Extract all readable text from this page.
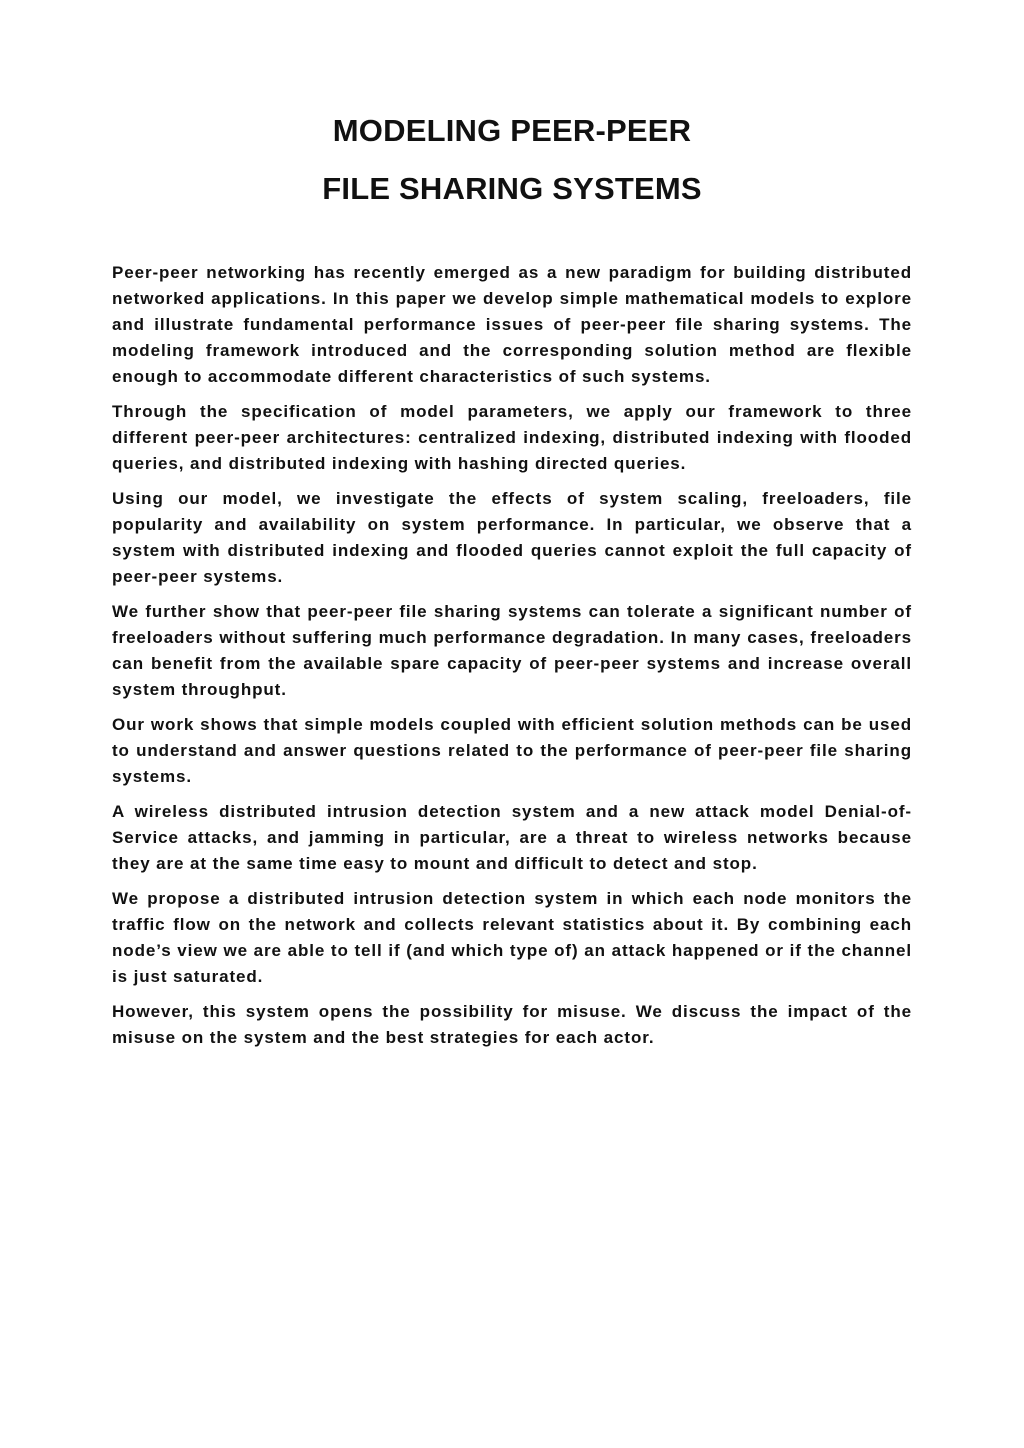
MODELING PEER-PEER
FILE SHARING SYSTEMS

Peer-peer networking has recently emerged as a new paradigm for building distributed networked applications. In this paper we develop simple mathematical models to explore and illustrate fundamental performance issues of peer-peer file sharing systems. The modeling framework introduced and the corresponding solution method are flexible enough to accommodate different characteristics of such systems.

Through the specification of model parameters, we apply our framework to three different peer-peer architectures: centralized indexing, distributed indexing with flooded queries, and distributed indexing with hashing directed queries.

Using our model, we investigate the effects of system scaling, freeloaders, file popularity and availability on system performance. In particular, we observe that a system with distributed indexing and flooded queries cannot exploit the full capacity of peer-peer systems.

We further show that peer-peer file sharing systems can tolerate a significant number of freeloaders without suffering much performance degradation. In many cases, freeloaders can benefit from the available spare capacity of peer-peer systems and increase overall system throughput.

Our work shows that simple models coupled with efficient solution methods can be used to understand and answer questions related to the performance of peer-peer file sharing systems.

A wireless distributed intrusion detection system and a new attack model Denial-of-Service attacks, and jamming in particular, are a threat to wireless networks because they are at the same time easy to mount and difficult to detect and stop.

We propose a distributed intrusion detection system in which each node monitors the traffic flow on the network and collects relevant statistics about it. By combining each node’s view we are able to tell if (and which type of) an attack happened or if the channel is just saturated.

However, this system opens the possibility for misuse. We discuss the impact of the misuse on the system and the best strategies for each actor.
